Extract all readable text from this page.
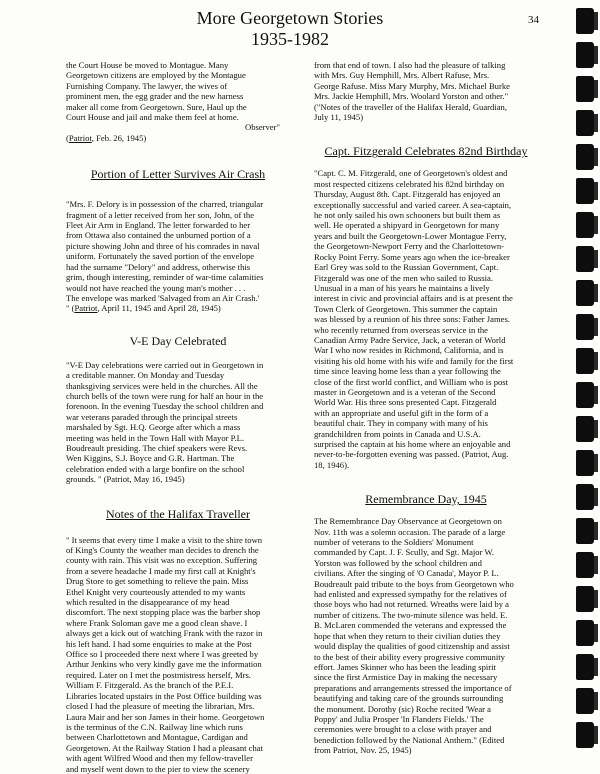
More Georgetown Stories
1935-1982
34

the Court House be moved to Montague. Many

Georgetown citizens are employed by the Montague

Furnishing Company. The lawyer, the wives of

prominent men, the egg grader and the new harness

maker all come from Georgetown. Sure, Haul up the

Court House and jail and make them feel at home.

Observer"

(Patriot, Feb. 26, 1945)

Portion of Letter Survives Air Crash

"Mrs. F. Delory is in possession of the charred, triangular

fragment of a letter received from her son, John, of the

Fleet Air Arm in England. The letter forwarded to her

from Ottawa also contained the unburned portion of a

picture showing John and three of his comrades in naval

uniform. Fortunately the saved portion of the envelope

had the surname "Delory" and address, otherwise this

grim, though interesting, reminder of war-time calamities

would not have reached the young man's mother . . .

The envelope was marked 'Salvaged from an Air Crash.'

" (Patriot, April 11, 1945 and April 28, 1945)

V-E Day Celebrated

"V-E Day celebrations were carried out in Georgetown in

a creditable manner. On Monday and Tuesday

thanksgiving services were held in the churches. All the

church bells of the town were rung for half an hour in the

forenoon. In the evening Tuesday the school children and

war veterans paraded through the principal streets

marshaled by Sgt. H.Q. George after which a mass

meeting was held in the Town Hall with Mayor P.L.

Boudreault presiding. The chief speakers were Revs.

Wen Kiggins, S.J. Boyce and G.R. Hartman. The

celebration ended with a large bonfire on the school

grounds. " (Patriot, May 16, 1945)

Notes of the Halifax Traveller

" It seems that every time I make a visit to the shire town

of King's County the weather man decides to drench the

county with rain. This visit was no exception. Suffering

from a severe headache I made my first call at Knight's

Drug Store to get something to relieve the pain. Miss

Ethel Knight very courteously attended to my wants

which resulted in the disappearance of my head

discomfort. The next stopping place was the barber shop

where Frank Soloman gave me a good clean shave. I

always get a kick out of watching Frank with the razor in

his left hand. I had some enquiries to make at the Post

Office so I proceeded there next where I was greeted by

Arthur Jenkins who very kindly gave me the information

required. Later on I met the postmistress herself, Mrs.

William F. Fitzgerald. As the branch of the P.E.I.

Libraries located upstairs in the Post Office building was

closed I had the pleasure of meeting the librarian, Mrs.

Laura Mair and her son James in their home. Georgetown

is the terminus of the C.N. Railway line which runs

between Charlottetown and Montague, Cardigan and

Georgetown. At the Railway Station I had a pleasant chat

with agent Wilfred Wood and then my fellow-traveller

and myself went down to the pier to view the scenery

from that end of town. I also had the pleasure of talking

with Mrs. Guy Hemphill, Mrs. Albert Rafuse, Mrs.

George Rafuse. Miss Mary Murphy, Mrs. Michael Burke

Mrs. Jackie Hemphill, Mrs. Woolard Yorston and other."

("Notes of the traveller of the Halifax Herald, Guardian,

July 11, 1945)

Capt. Fitzgerald Celebrates 82nd Birthday

"Capt. C. M. Fitzgerald, one of Georgetown's oldest and

most respected citizens celebrated his 82nd birthday on

Thursday, August 8th. Capt. Fitzgerald has enjoyed an

exceptionally successful and varied career. A sea-captain,

he not only sailed his own schooners but built them as

well. He operated a shipyard in Georgetown for many

years and built the Georgetown-Lower Montague Ferry,

the Georgetown-Newport Ferry and the Charlottetown-

Rocky Point Ferry. Some years ago when the ice-breaker

Earl Grey was sold to the Russian Government, Capt.

Fitzgerald was one of the men who sailed to Russia.

Unusual in a man of his years he maintains a lively

interest in civic and provincial affairs and is at present the

Town Clerk of Georgetown. This summer the captain

was blessed by a reunion of his three sons: Father James.

who recently returned from overseas service in the

Canadian Army Padre Service, Jack, a veteran of World

War I who now resides in Richmond, California, and is

visiting his old home with his wife and family for the first

time since leaving home less than a year following the

close of the first world conflict, and William who is post

master in Georgetown and is a veteran of the Second

World War. His three sons presented Capt. Fitzgerald

with an appropriate and useful gift in the form of a

beautiful chair. They in company with many of his

grandchildren from points in Canada and U.S.A.

surprised the captain at his home where an enjoyable and

never-to-be-forgotten evening was passed. (Patriot, Aug.

18, 1946).

Remembrance Day, 1945

The Remembrance Day Observance at Georgetown on

Nov. 11th was a solemn occasion. The parade of a large

number of veterans to the Soldiers' Monument

commanded by Capt. J. F. Scully, and Sgt. Major W.

Yorston was followed by the school children and

civilians. After the singing of 'O Canada', Mayor P. L.

Boudreault paid tribute to the boys from Georgetown who

had enlisted and expressed sympathy for the relatives of

those boys who had not returned. Wreaths were laid by a

number of citizens. The two-minute silence was held. E.

B. McLaren commended the veterans and expressed the

hope that when they return to their civilian duties they

would display the qualities of good citizenship and assist

to the best of their ability every progressive community

effort. James Skinner who has been the leading spirit

since the first Armistice Day in making the necessary

preparations and arrangements stressed the importance of

beautifying and taking care of the grounds surrounding

the monument. Dorothy (sic) Roche recited 'Wear a

Poppy' and Julia Prosper 'In Flanders Fields.' The

ceremonies were brought to a close with prayer and

benediction followed by the National Anthem." (Edited

from Patriot, Nov. 25, 1945)
